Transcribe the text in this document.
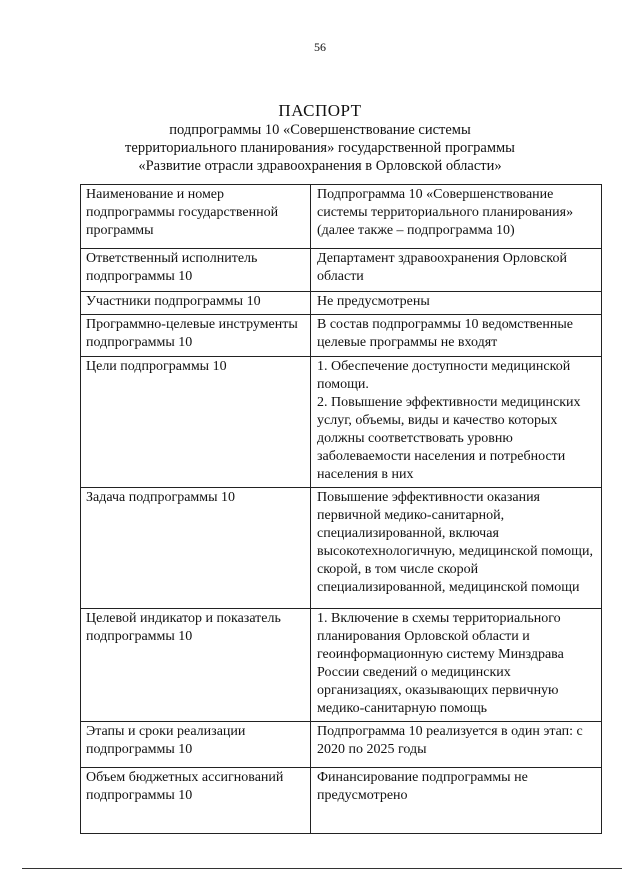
56
ПАСПОРТ
подпрограммы 10 «Совершенствование системы
территориального планирования» государственной программы
«Развитие отрасли здравоохранения в Орловской области»
Наименование и номер подпрограммы государственной программы	Подпрограмма 10 «Совершенствование системы территориального планирования» (далее также – подпрограмма 10)
Ответственный исполнитель подпрограммы 10	Департамент здравоохранения Орловской области
Участники подпрограммы 10	Не предусмотрены
Программно-целевые инструменты подпрограммы 10	В состав подпрограммы 10 ведомственные целевые программы не входят
Цели подпрограммы 10	1. Обеспечение доступности медицинской помощи.
2. Повышение эффективности медицинских услуг, объемы, виды и качество которых должны соответствовать уровню заболеваемости населения и потребности населения в них

Задача подпрограммы 10	Повышение эффективности оказания первичной медико-санитарной, специализированной, включая высокотехнологичную, медицинской помощи, скорой, в том числе скорой специализированной, медицинской помощи
Целевой индикатор и показатель подпрограммы 10	1. Включение в схемы территориального планирования Орловской области и геоинформационную систему Минздрава России сведений о медицинских организациях, оказывающих первичную медико-санитарную помощь
Этапы и сроки реализации подпрограммы 10	Подпрограмма 10 реализуется в один этап: с 2020 по 2025 годы
Объем бюджетных ассигнований подпрограммы 10	Финансирование подпрограммы не предусмотрено
